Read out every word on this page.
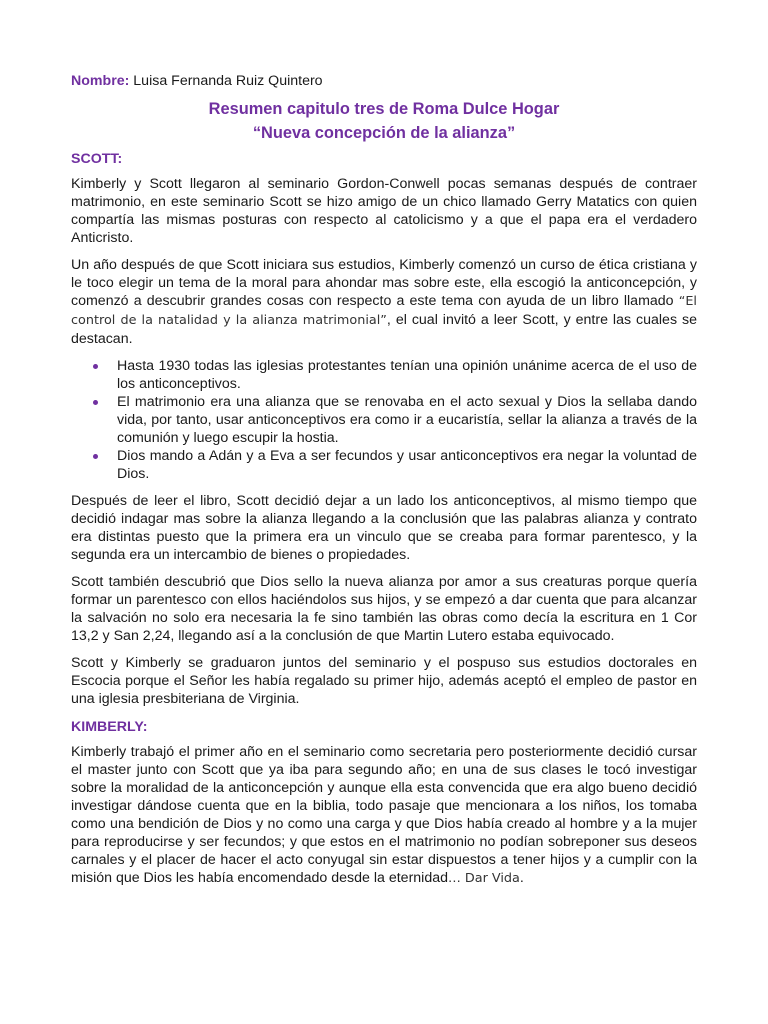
Nombre: Luisa Fernanda Ruiz Quintero
Resumen capitulo tres de Roma Dulce Hogar
“Nueva concepción de la alianza”
SCOTT:

Kimberly y Scott llegaron al seminario Gordon-Conwell pocas semanas después de contraer matrimonio, en este seminario Scott se hizo amigo de un chico llamado Gerry Matatics con quien compartía las mismas posturas con respecto al catolicismo y a que el papa era el verdadero Anticristo.

Un año después de que Scott iniciara sus estudios, Kimberly comenzó un curso de ética cristiana y le toco elegir un tema de la moral para ahondar mas sobre este, ella escogió la anticoncepción, y comenzó a descubrir grandes cosas con respecto a este tema con ayuda de un libro llamado “El control de la natalidad y la alianza matrimonial”, el cual invitó a leer Scott, y entre las cuales se destacan.

Hasta 1930 todas las iglesias protestantes tenían una opinión unánime acerca de el uso de los anticonceptivos.
El matrimonio era una alianza que se renovaba en el acto sexual y Dios la sellaba dando vida, por tanto, usar anticonceptivos era como ir a eucaristía, sellar la alianza a través de la comunión y luego escupir la hostia.
Dios mando a Adán y a Eva a ser fecundos y usar anticonceptivos era negar la voluntad de Dios.

Después de leer el libro, Scott decidió dejar a un lado los anticonceptivos, al mismo tiempo que decidió indagar mas sobre la alianza llegando a la conclusión que las palabras alianza y contrato era distintas puesto que la primera era un vinculo que se creaba para formar parentesco, y la segunda era un intercambio de bienes o propiedades.

Scott también descubrió que Dios sello la nueva alianza por amor a sus creaturas porque quería formar un parentesco con ellos haciéndolos sus hijos, y se empezó a dar cuenta que para alcanzar la salvación no solo era necesaria la fe sino también las obras como decía la escritura en 1 Cor 13,2 y San 2,24, llegando así a la conclusión de que Martin Lutero estaba equivocado.

Scott y Kimberly se graduaron juntos del seminario y el pospuso sus estudios doctorales en Escocia porque el Señor les había regalado su primer hijo, además aceptó el empleo de pastor en una iglesia presbiteriana de Virginia.

KIMBERLY:

Kimberly trabajó el primer año en el seminario como secretaria pero posteriormente decidió cursar el master junto con Scott que ya iba para segundo año; en una de sus clases le tocó investigar sobre la moralidad de la anticoncepción y aunque ella esta convencida que era algo bueno decidió investigar dándose cuenta que en la biblia, todo pasaje que mencionara a los niños, los tomaba como una bendición de Dios y no como una carga y que Dios había creado al hombre y a la mujer para reproducirse y ser fecundos; y que estos en el matrimonio no podían sobreponer sus deseos carnales y el placer de hacer el acto conyugal sin estar dispuestos a tener hijos y a cumplir con la misión que Dios les había encomendado desde la eternidad… Dar Vida.
